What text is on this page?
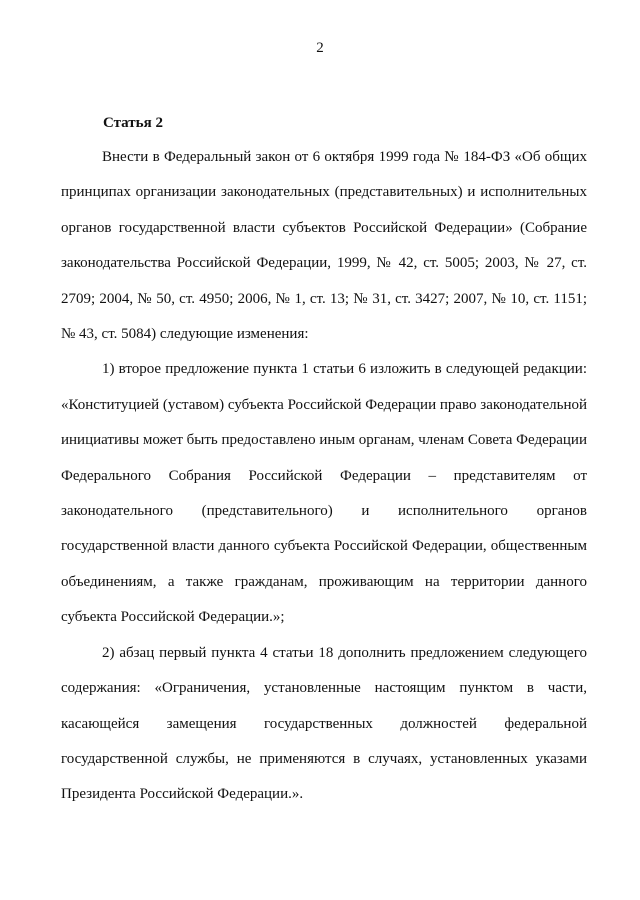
2
Статья 2

Внести в Федеральный закон от 6 октября 1999 года № 184-ФЗ «Об общих принципах организации законодательных (представительных) и исполнительных органов государственной власти субъектов Российской Федерации» (Собрание законодательства Российской Федерации, 1999, № 42, ст. 5005; 2003, № 27, ст. 2709; 2004, № 50, ст. 4950; 2006, № 1, ст. 13; № 31, ст. 3427; 2007, № 10, ст. 1151; № 43, ст. 5084) следующие изменения:

1) второе предложение пункта 1 статьи 6 изложить в следующей редакции: «Конституцией (уставом) субъекта Российской Федерации право законодательной инициативы может быть предоставлено иным органам, членам Совета Федерации Федерального Собрания Российской Федерации – представителям от законодательного (представительного) и исполнительного органов государственной власти данного субъекта Российской Федерации, общественным объединениям, а также гражданам, проживающим на территории данного субъекта Российской Федерации.»;

2) абзац первый пункта 4 статьи 18 дополнить предложением следующего содержания: «Ограничения, установленные настоящим пунктом в части, касающейся замещения государственных должностей федеральной государственной службы, не применяются в случаях, установленных указами Президента Российской Федерации.».
